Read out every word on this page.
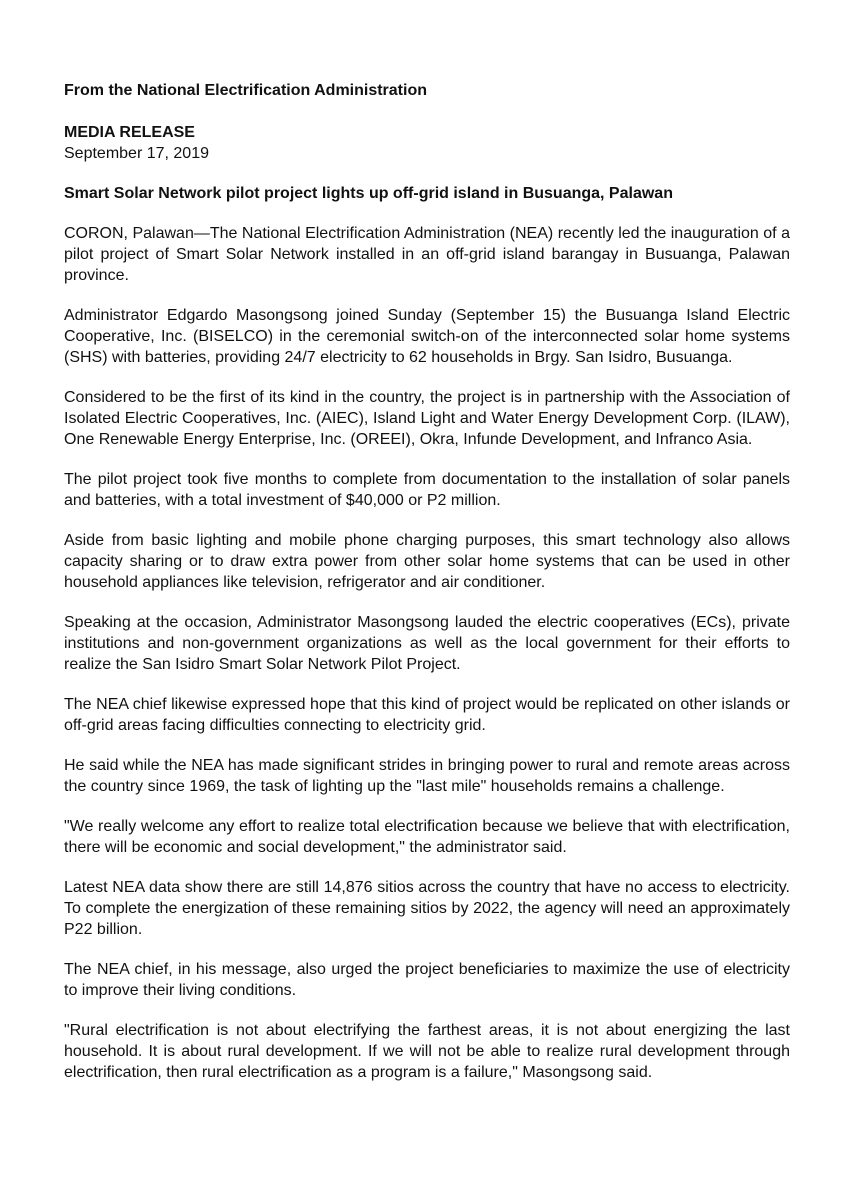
From the National Electrification Administration

MEDIA RELEASE

September 17, 2019

Smart Solar Network pilot project lights up off-grid island in Busuanga, Palawan

CORON, Palawan—The National Electrification Administration (NEA) recently led the inauguration of a pilot project of Smart Solar Network installed in an off-grid island barangay in Busuanga, Palawan province.

Administrator Edgardo Masongsong joined Sunday (September 15) the Busuanga Island Electric Cooperative, Inc. (BISELCO) in the ceremonial switch-on of the interconnected solar home systems (SHS) with batteries, providing 24/7 electricity to 62 households in Brgy. San Isidro, Busuanga.

Considered to be the first of its kind in the country, the project is in partnership with the Association of Isolated Electric Cooperatives, Inc. (AIEC), Island Light and Water Energy Development Corp. (ILAW), One Renewable Energy Enterprise, Inc. (OREEI), Okra, Infunde Development, and Infranco Asia.

The pilot project took five months to complete from documentation to the installation of solar panels and batteries, with a total investment of $40,000 or P2 million.

Aside from basic lighting and mobile phone charging purposes, this smart technology also allows capacity sharing or to draw extra power from other solar home systems that can be used in other household appliances like television, refrigerator and air conditioner.

Speaking at the occasion, Administrator Masongsong lauded the electric cooperatives (ECs), private institutions and non-government organizations as well as the local government for their efforts to realize the San Isidro Smart Solar Network Pilot Project.

The NEA chief likewise expressed hope that this kind of project would be replicated on other islands or off-grid areas facing difficulties connecting to electricity grid.

He said while the NEA has made significant strides in bringing power to rural and remote areas across the country since 1969, the task of lighting up the "last mile" households remains a challenge.

"We really welcome any effort to realize total electrification because we believe that with electrification, there will be economic and social development," the administrator said.

Latest NEA data show there are still 14,876 sitios across the country that have no access to electricity. To complete the energization of these remaining sitios by 2022, the agency will need an approximately P22 billion.

The NEA chief, in his message, also urged the project beneficiaries to maximize the use of electricity to improve their living conditions.

"Rural electrification is not about electrifying the farthest areas, it is not about energizing the last household. It is about rural development. If we will not be able to realize rural development through electrification, then rural electrification as a program is a failure," Masongsong said.
